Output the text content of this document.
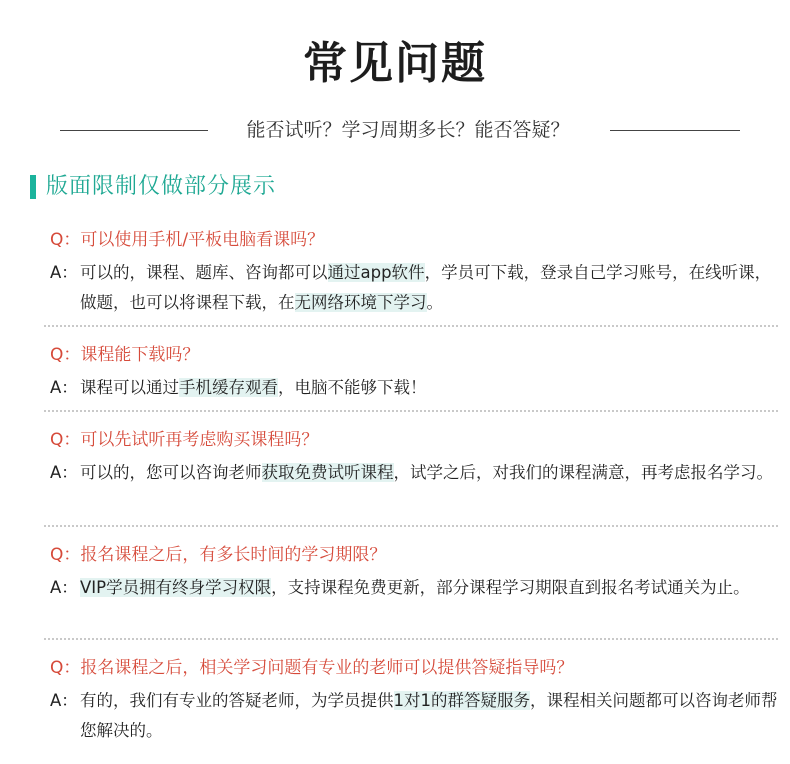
常见问题
能否试听？学习周期多长？能否答疑？
版面限制仅做部分展示
Q：可以使用手机/平板电脑看课吗？
A： 可以的，课程、题库、咨询都可以通过app软件，学员可下载，登录自己学习账号，在线听课，做题，也可以将课程下载，在无网络环境下学习。
Q：课程能下载吗？
A： 课程可以通过手机缓存观看，电脑不能够下载！
Q：可以先试听再考虑购买课程吗？
A： 可以的，您可以咨询老师获取免费试听课程，试学之后，对我们的课程满意，再考虑报名学习。
Q：报名课程之后，有多长时间的学习期限？
A： VIP学员拥有终身学习权限，支持课程免费更新，部分课程学习期限直到报名考试通关为止。
Q：报名课程之后，相关学习问题有专业的老师可以提供答疑指导吗？
A： 有的，我们有专业的答疑老师，为学员提供1对1的群答疑服务，课程相关问题都可以咨询老师帮您解决的。
